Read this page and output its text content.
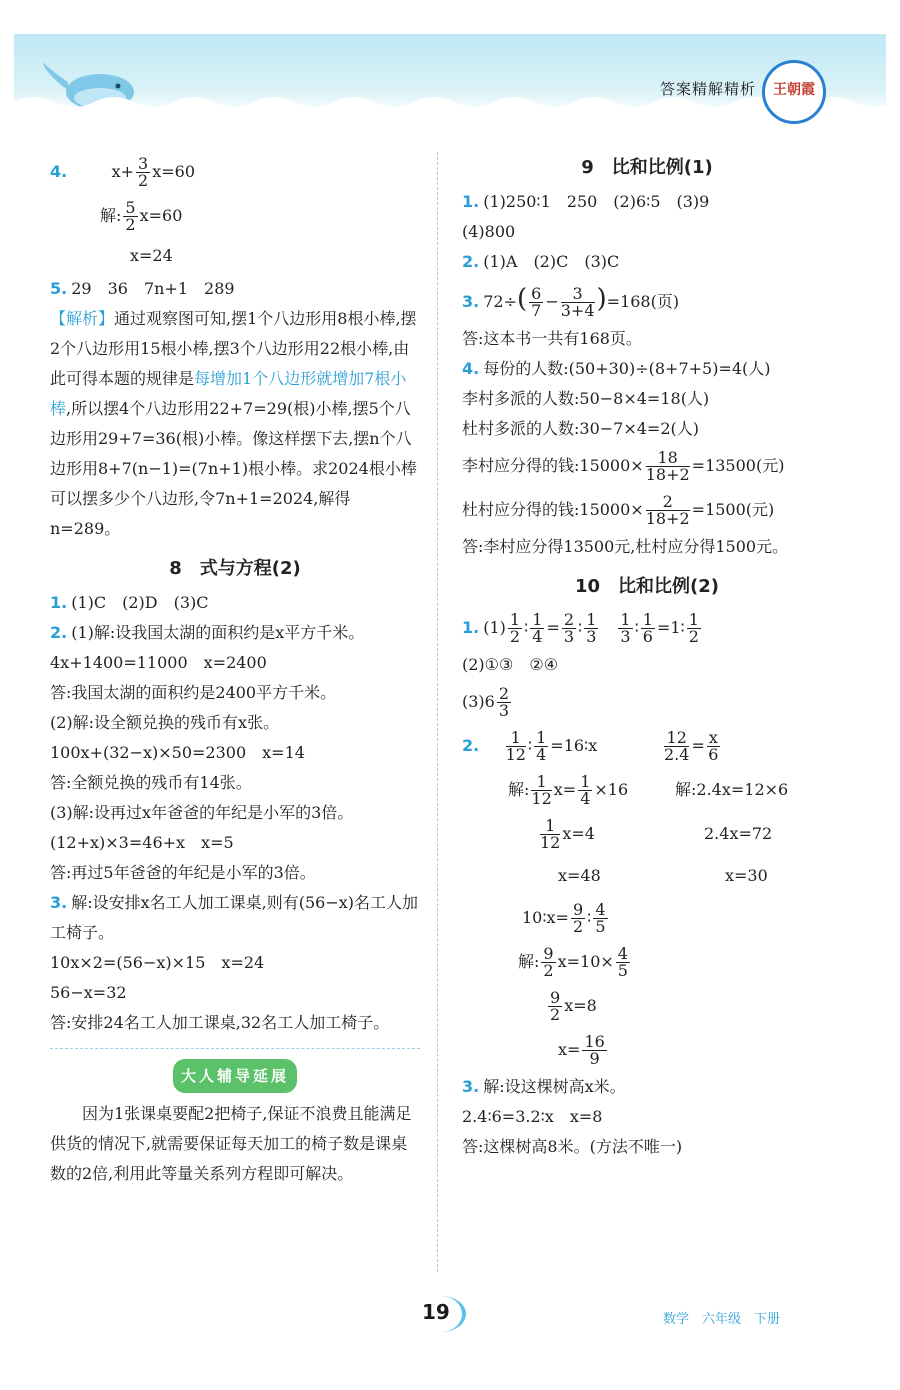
答案精解精析	王朝霞
4.	$x+ \frac{3}{2} x=60$
解: $\frac{5}{2} x=60$
x=24
5. 29　36　7n+1　289
【解析】通过观察图可知,摆1个八边形用8根小棒,摆2个八边形用15根小棒,摆3个八边形用22根小棒,由此可得本题的规律是每增加1个八边形就增加7根小棒,所以摆4个八边形用22+7=29(根)小棒,摆5个八边形用29+7=36(根)小棒。像这样摆下去,摆n个八边形用8+7(n−1)=(7n+1)根小棒。求2024根小棒可以摆多少个八边形,令7n+1=2024,解得n=289。
8　式与方程(2)
1. (1)C　(2)D　(3)C
2. (1)解:设我国太湖的面积约是x平方千米。
4x+1400=11000　x=2400
答:我国太湖的面积约是2400平方千米。
(2)解:设全额兑换的残币有x张。
100x+(32−x)×50=2300　x=14
答:全额兑换的残币有14张。
(3)解:设再过x年爸爸的年纪是小军的3倍。
(12+x)×3=46+x　x=5
答:再过5年爸爸的年纪是小军的3倍。
3. 解:设安排x名工人加工课桌,则有(56−x)名工人加工椅子。
10x×2=(56−x)×15　x=24
56−x=32
答:安排24名工人加工课桌,32名工人加工椅子。
大人辅导延展
因为1张课桌要配2把椅子,保证不浪费且能满足供货的情况下,就需要保证每天加工的椅子数是课桌数的2倍,利用此等量关系列方程即可解决。
9　比和比例(1)
1. (1)250∶1　250　(2)6∶5　(3)9
(4)800
2. (1)A　(2)C　(3)C
3. $72\div( \frac{6}{7} - \frac{3}{3+4} )=168$(页)
答:这本书一共有168页。
4. 每份的人数:(50+30)÷(8+7+5)=4(人)
李村多派的人数:50−8×4=18(人)
杜村多派的人数:30−7×4=2(人)
李村应分得的钱:15000× $\frac{18}{18+2} =13500$(元)
杜村应分得的钱:15000× $\frac{2}{18+2} =1500$(元)
答:李村应分得13500元,杜村应分得1500元。
10　比和比例(2)
1. $(1) \frac{1}{2}$ ∶ $\frac{1}{4} = \frac{2}{3}$ ∶ $\frac{1}{3}$
　 $\frac{1}{3}$ ∶ $\frac{1}{6}$ =1∶ $\frac{1}{2}$
(2)①③　②④
$(3)6 \frac{2}{3}$
2. $\frac{1}{12}$ ∶ $\frac{1}{4}$ =16∶x	$\frac{12}{2.4} = \frac{x}{6}$
解: $\frac{1}{12} x= \frac{1}{4} \times 16$	解:2.4x=12×6
$\frac{1}{12} x=4$	2.4x=72
x=48	x=30
10∶x= $\frac{9}{2}$ ∶ $\frac{4}{5}$
解: $\frac{9}{2} x=10\times \frac{4}{5}$
$\frac{9}{2} x=8$
$x= \frac{16}{9}$
3. 解:设这棵树高x米。
2.4∶6=3.2∶x　x=8
答:这棵树高8米。(方法不唯一)
19	数学　六年级　下册
